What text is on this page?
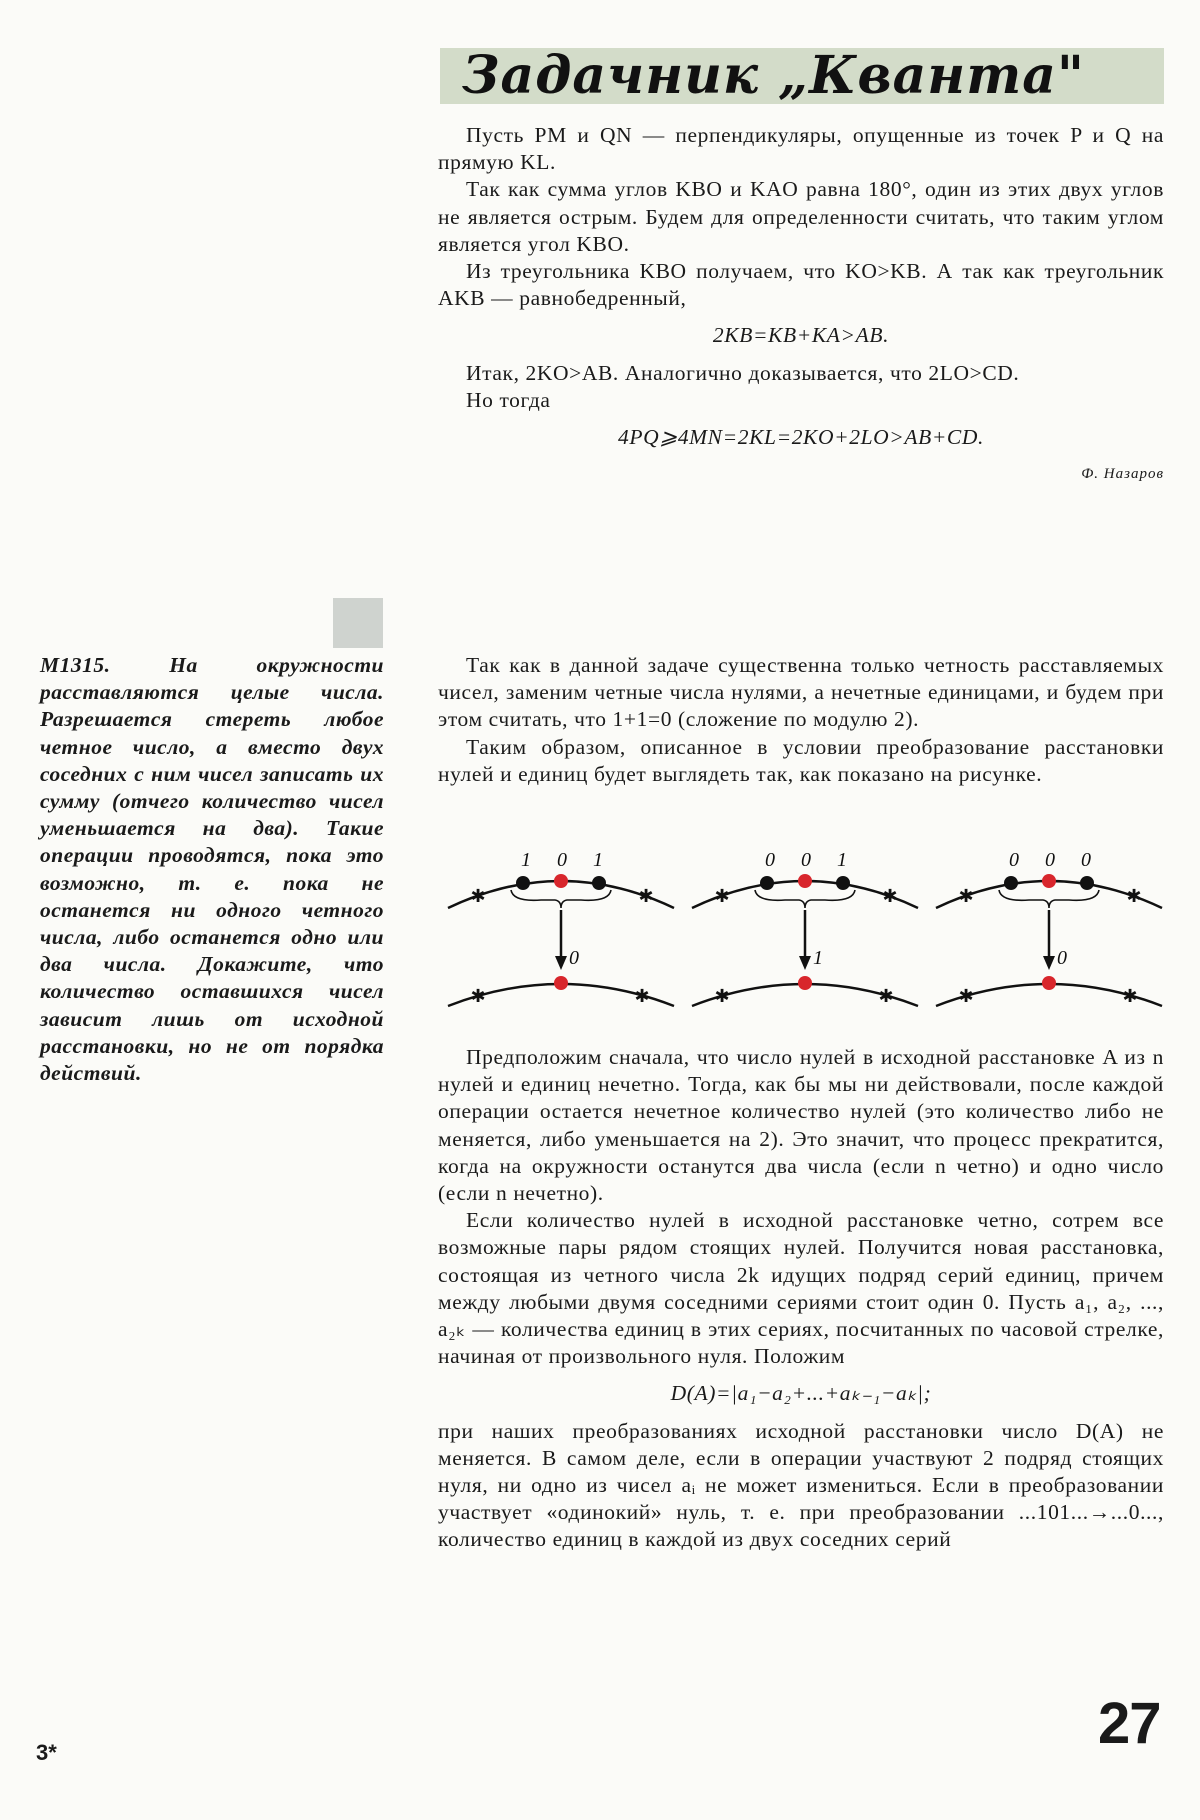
Задачник „Кванта"

Пусть PM и QN — перпендикуляры, опущенные из точек P и Q на прямую KL.

Так как сумма углов KBO и KAO равна 180°, один из этих двух углов не является острым. Будем для определенности считать, что таким углом является угол KBO.

Из треугольника KBO получаем, что KO>KB. А так как треугольник AKB — равнобедренный,

2KB=KB+KA>AB.

Итак, 2KO>AB. Аналогично доказывается, что 2LO>CD.

Но тогда

4PQ⩾4MN=2KL=2KO+2LO>AB+CD.
Ф. Назаров
М1315. На окружности расставляются целые числа. Разрешается стереть любое четное число, а вместо двух соседних с ним чисел записать их сумму (отчего количество чисел уменьшается на два). Такие операции проводятся, пока это возможно, т. е. пока не останется ни одного четного числа, либо останется одно или два числа. Докажите, что количество оставшихся чисел зависит лишь от исходной расстановки, но не от порядка действий.

Так как в данной задаче существенна только четность расставляемых чисел, заменим четные числа нулями, а нечетные единицами, и будем при этом считать, что 1+1=0 (сложение по модулю 2).

Таким образом, описанное в условии преобразование расстановки нулей и единиц будет выглядеть так, как показано на рисунке.

✱	✱
1 0 1
0
✱	✱
✱	✱
0 0 1
1
✱	✱
✱	✱
0 0 0
0
✱	✱

Предположим сначала, что число нулей в исходной расстановке A из n нулей и единиц нечетно. Тогда, как бы мы ни действовали, после каждой операции остается нечетное количество нулей (это количество либо не меняется, либо уменьшается на 2). Это значит, что процесс прекратится, когда на окружности останутся два числа (если n четно) и одно число (если n нечетно).

Если количество нулей в исходной расстановке четно, сотрем все возможные пары рядом стоящих нулей. Получится новая расстановка, состоящая из четного числа 2k идущих подряд серий единиц, причем между любыми двумя соседними сериями стоит один 0. Пусть a₁, a₂, ..., a₂ₖ — количества единиц в этих сериях, посчитанных по часовой стрелке, начиная от произвольного нуля. Положим

D(A)=|a₁−a₂+...+aₖ₋₁−aₖ|;

при наших преобразованиях исходной расстановки число D(A) не меняется. В самом деле, если в операции участвуют 2 подряд стоящих нуля, ни одно из чисел aᵢ не может измениться. Если в преобразовании участвует «одинокий» нуль, т. е. при преобразовании ...101...→...0..., количество единиц в каждой из двух соседних серий

3*	27
